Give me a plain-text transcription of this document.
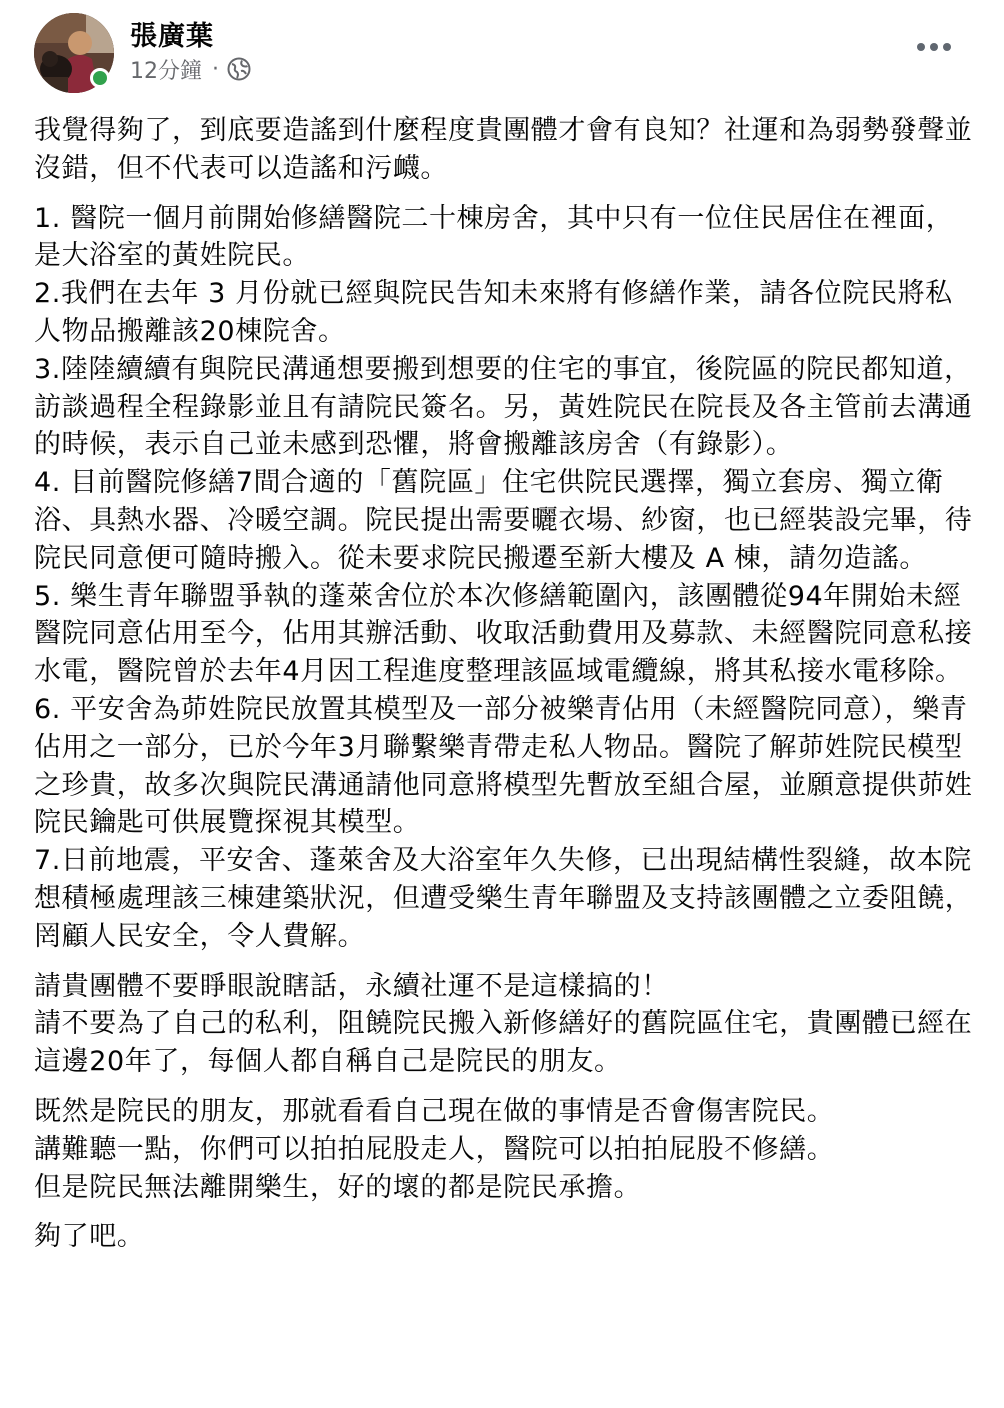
張廣葉
12分鐘 ·

我覺得夠了，到底要造謠到什麼程度貴團體才會有良知？社運和為弱勢發聲並沒錯，但不代表可以造謠和污衊。

1. 醫院一個月前開始修繕醫院二十棟房舍，其中只有一位住民居住在裡面，是大浴室的黃姓院民。
2.我們在去年 3 月份就已經與院民告知未來將有修繕作業，請各位院民將私人物品搬離該20棟院舍。
3.陸陸續續有與院民溝通想要搬到想要的住宅的事宜，後院區的院民都知道，訪談過程全程錄影並且有請院民簽名。另，黃姓院民在院長及各主管前去溝通的時候，表示自己並未感到恐懼，將會搬離該房舍（有錄影）。
4. 目前醫院修繕7間合適的「舊院區」住宅供院民選擇，獨立套房、獨立衛浴、具熱水器、冷暖空調。院民提出需要曬衣場、紗窗，也已經裝設完畢，待院民同意便可隨時搬入。從未要求院民搬遷至新大樓及 A 棟，請勿造謠。
5. 樂生青年聯盟爭執的蓬萊舍位於本次修繕範圍內，該團體從94年開始未經醫院同意佔用至今，佔用其辦活動、收取活動費用及募款、未經醫院同意私接水電，醫院曾於去年4月因工程進度整理該區域電纜線，將其私接水電移除。
6. 平安舍為茆姓院民放置其模型及一部分被樂青佔用（未經醫院同意），樂青佔用之一部分，已於今年3月聯繫樂青帶走私人物品。醫院了解茆姓院民模型之珍貴，故多次與院民溝通請他同意將模型先暫放至組合屋，並願意提供茆姓院民鑰匙可供展覽探視其模型。
7.日前地震，平安舍、蓬萊舍及大浴室年久失修，已出現結構性裂縫，故本院想積極處理該三棟建築狀況，但遭受樂生青年聯盟及支持該團體之立委阻饒，罔顧人民安全，令人費解。

請貴團體不要睜眼說瞎話，永續社運不是這樣搞的！
請不要為了自己的私利，阻饒院民搬入新修繕好的舊院區住宅，貴團體已經在這邊20年了，每個人都自稱自己是院民的朋友。

既然是院民的朋友，那就看看自己現在做的事情是否會傷害院民。
講難聽一點，你們可以拍拍屁股走人，醫院可以拍拍屁股不修繕。
但是院民無法離開樂生，好的壞的都是院民承擔。

夠了吧。
